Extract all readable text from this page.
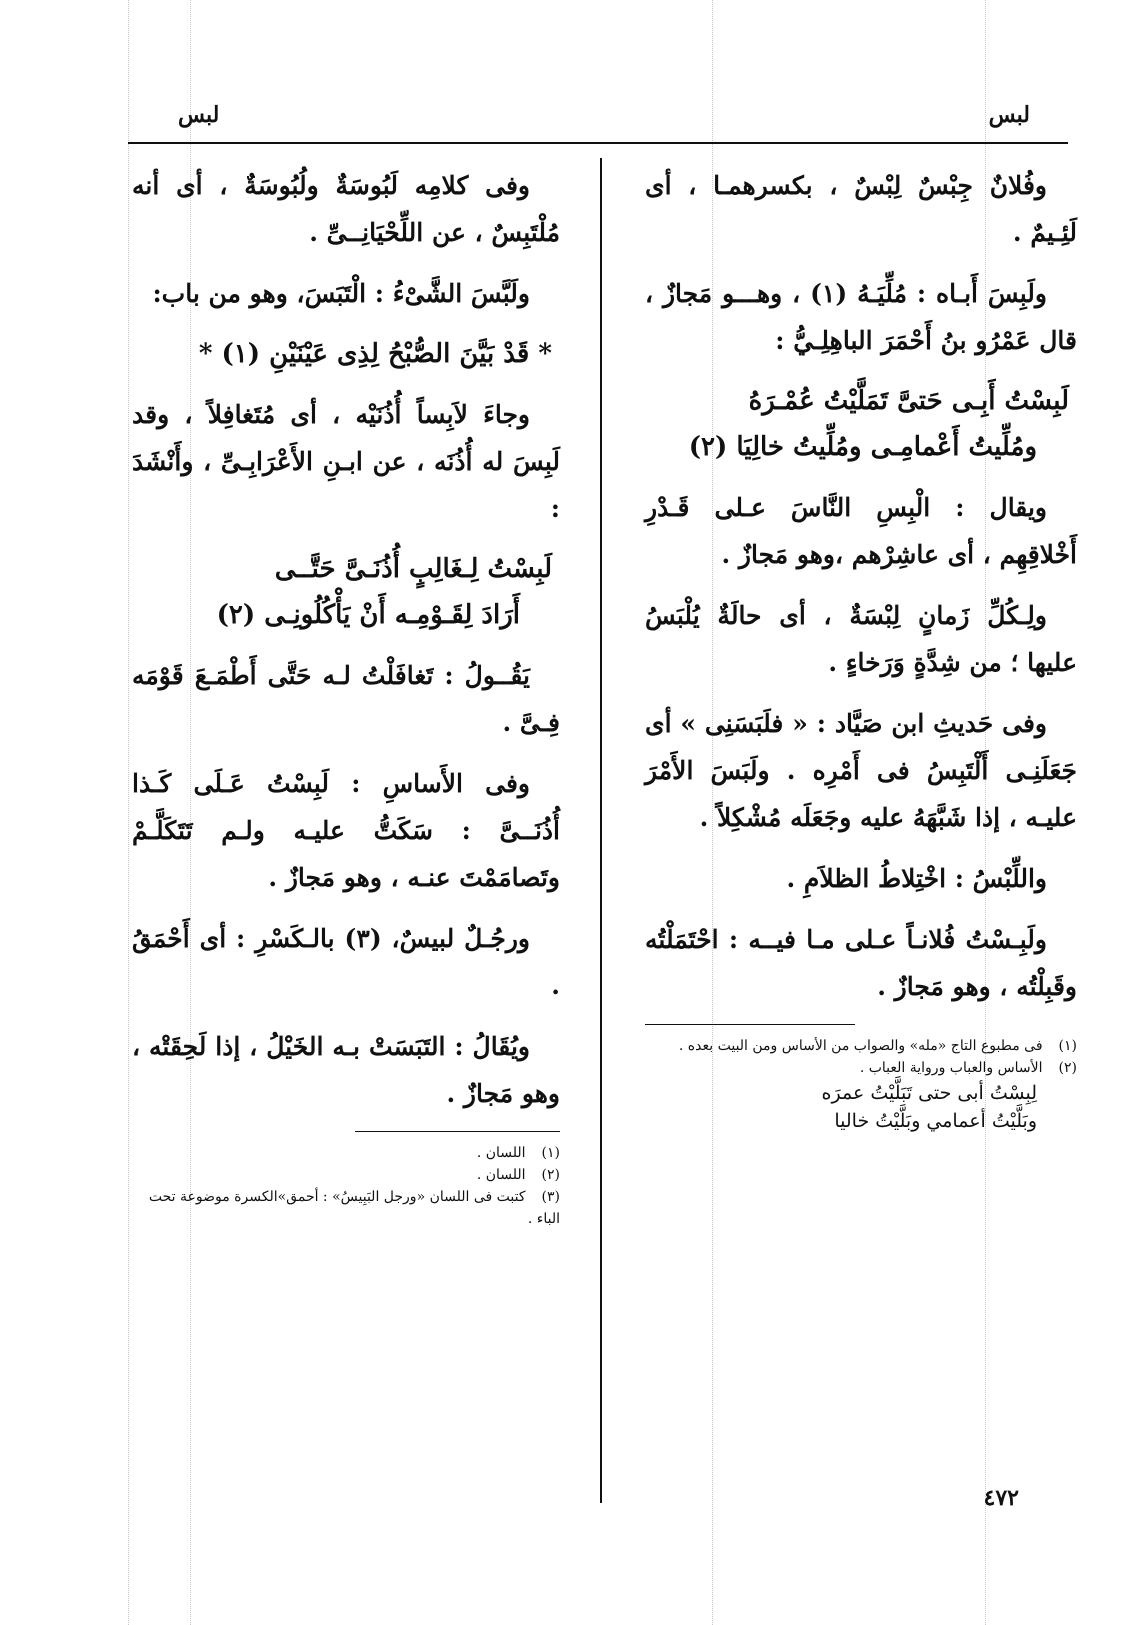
لبس
لبس

وفُلانٌ جِبْسٌ لِبْسٌ ، بكسرهمـا ، أى لَئِـيمٌ .

ولَبِسَ أَبـاه : مُلِّيَـهُ (١) ، وهـــو مَجازٌ ، قال عَمْرُو بنُ أَحْمَرَ الباهِلِـيُّ :

لَبِسْتُ أَبِـى حَتىَّ تَمَلَّيْتُ عُمْـرَهُ
ومُلِّيتُ أَعْمامِـى ومُلِّيتُ خالِيَا (٢)

ويقال : الْبِسِ النَّاسَ عـلى قَـدْرِ أَخْلاقِهِم ، أى عاشِرْهم ،وهو مَجازٌ .

ولِـكُلِّ زَمانٍ لِبْسَةٌ ، أى حالَةٌ يُلْبَسُ عليها ؛ من شِدَّةٍ وَرَخاءٍ .

وفى حَديثِ ابن صَيَّاد : « فلَبَسَنِى » أى جَعَلَنِـى أَلْتَبِسُ فى أَمْرِه . ولَبَسَ الأَمْرَ عليـه ، إذا شَبَّهَهُ عليه وجَعَلَه مُشْكِلاً .

واللِّبْسُ : اخْتِلاطُ الظلاَمِ .

ولَبِـسْتُ فُلانـاً عـلى مـا فيــه : احْتَمَلْتُه وقَبِلْتُه ، وهو مَجازٌ .

(١) فى مطبوع التاج «مله» والصواب من الأساس ومن البيت بعده .

(٢) الأساس والعباب ورواية العباب .

لِبِسْتُ أبى حتى تَبَلَّيْتُ عمرَه
وبَلَّيْتُ أعمامي وبَلَّيْتُ خاليا

وفى كلامِه لَبُوسَةٌ ولُبُوسَةٌ ، أى أنه مُلْتَبِسٌ ، عن اللِّحْيَانِــىِّ .

ولَبَّسَ الشَّىْءُ : الْتَبَسَ، وهو من باب:

* قَدْ بَيَّنَ الصُّبْحُ لِذِى عَيْنَيْنِ (١) *

وجاءَ لاَبِساً أُذُنَيْه ، أى مُتَغافِلاً ، وقد لَبِسَ له أُذُنَه ، عن ابـنِ الأَعْرَابِـىِّ ، وأَنْشَدَ :

لَبِسْتُ لِـغَالِبٍ أُذُنَـىَّ حَتَّــى
أَرَادَ لِقَـوْمِـه أَنْ يَأْكُلُونِـى (٢)

يَقُــولُ : تَغافَلْتُ لـه حَتَّى أَطْمَـعَ قَوْمَه فِـىَّ .

وفى الأَساسِ : لَبِسْتُ عَـلَى كَـذا أُذُنَــىَّ : سَكَتُّ عليـه ولـم تَتَكَلَّـمْ وتَصامَمْتَ عنـه ، وهو مَجازٌ .

ورجُـلٌ لبيسٌ، (٣) بالـكَسْرِ : أى أَحْمَقُ .

ويُقَالُ : التَبَسَتْ بـه الخَيْلُ ، إذا لَحِقَتْه ، وهو مَجازٌ .

(١) اللسان .

(٢) اللسان .

(٣) كتبت فى اللسان «ورجل البَبِيسُ» : أحمق»الكسرة موضوعة تحت الباء .

٤٧٢
